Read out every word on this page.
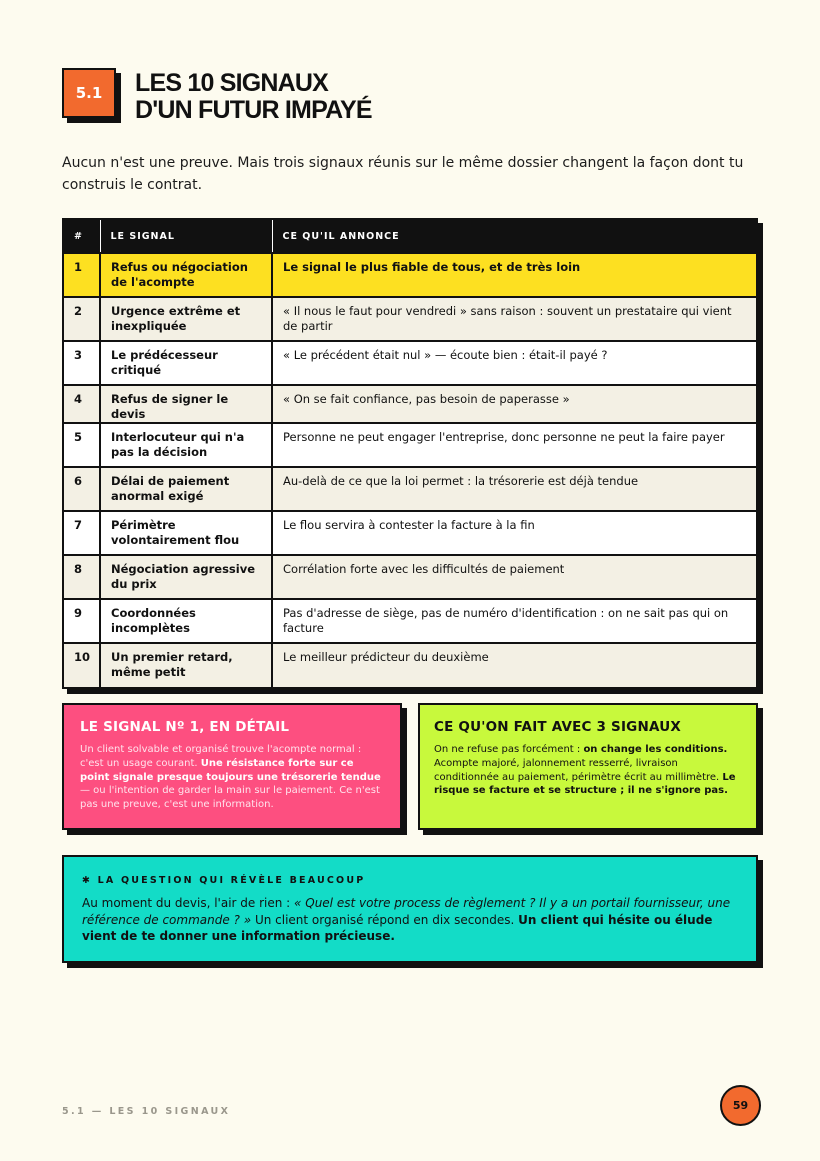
5.1 LES 10 SIGNAUX
D'UN FUTUR IMPAYÉ

Aucun n'est une preuve. Mais trois signaux réunis sur le même dossier changent la façon dont tu construis le contrat.

#	LE SIGNAL	CE QU'IL ANNONCE
1	Refus ou négociation de l'acompte	Le signal le plus fiable de tous, et de très loin
2	Urgence extrême et inexpliquée	« Il nous le faut pour vendredi » sans raison : souvent un prestataire qui vient de partir
3	Le prédécesseur critiqué	« Le précédent était nul » — écoute bien : était-il payé ?
4	Refus de signer le devis	« On se fait confiance, pas besoin de paperasse »
5	Interlocuteur qui n'a pas la décision	Personne ne peut engager l'entreprise, donc personne ne peut la faire payer
6	Délai de paiement anormal exigé	Au-delà de ce que la loi permet : la trésorerie est déjà tendue
7	Périmètre volontairement flou	Le flou servira à contester la facture à la fin
8	Négociation agressive du prix	Corrélation forte avec les difficultés de paiement
9	Coordonnées incomplètes	Pas d'adresse de siège, pas de numéro d'identification : on ne sait pas qui on facture
10	Un premier retard, même petit	Le meilleur prédicteur du deuxième
LE SIGNAL Nº 1, EN DÉTAIL

Un client solvable et organisé trouve l'acompte normal : c'est un usage courant. Une résistance forte sur ce point signale presque toujours une trésorerie tendue — ou l'intention de garder la main sur le paiement. Ce n'est pas une preuve, c'est une information.

CE QU'ON FAIT AVEC 3 SIGNAUX

On ne refuse pas forcément : on change les conditions. Acompte majoré, jalonnement resserré, livraison conditionnée au paiement, périmètre écrit au millimètre. Le risque se facture et se structure ; il ne s'ignore pas.

✱ LA QUESTION QUI RÉVÈLE BEAUCOUP

Au moment du devis, l'air de rien : « Quel est votre process de règlement ? Il y a un portail fournisseur, une référence de commande ? » Un client organisé répond en dix secondes. Un client qui hésite ou élude vient de te donner une information précieuse.

5.1 — LES 10 SIGNAUX	59
